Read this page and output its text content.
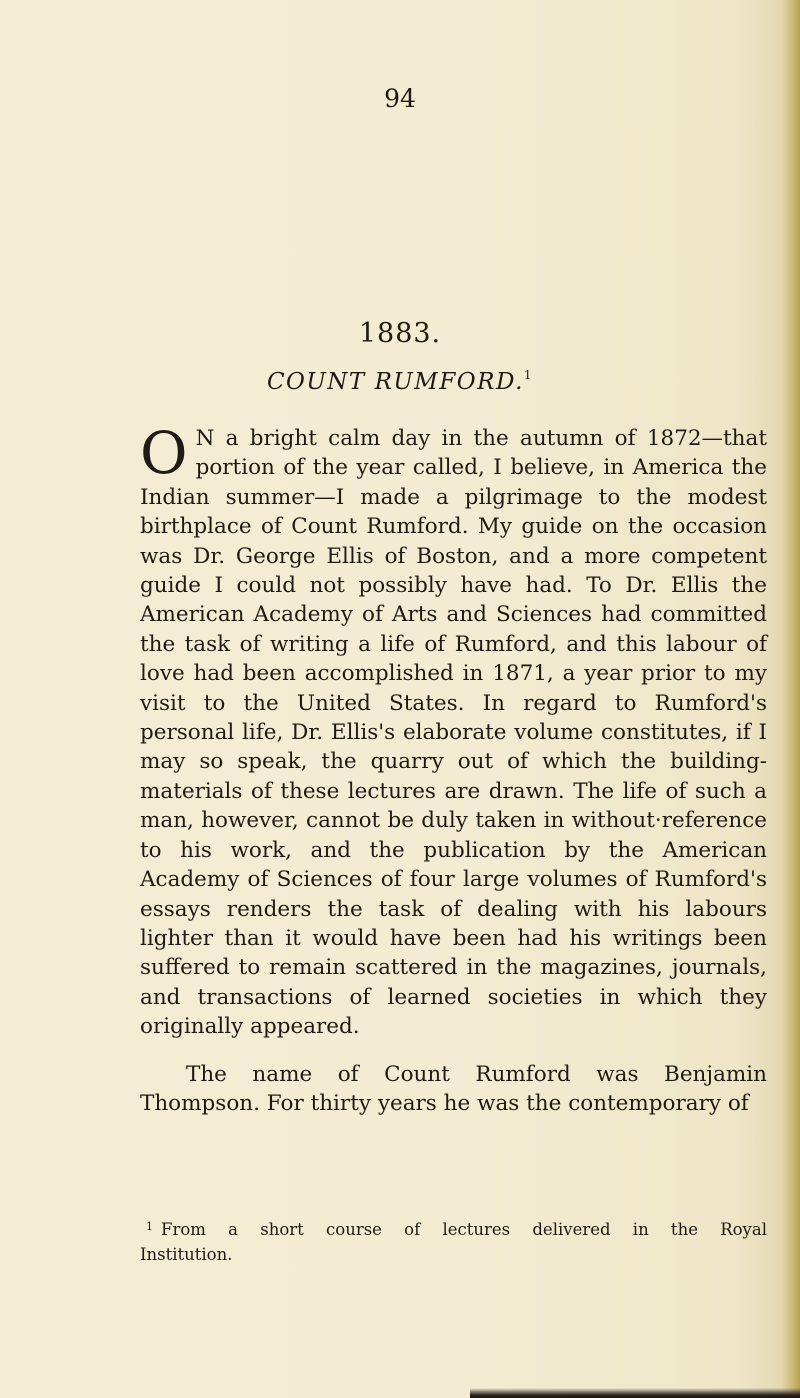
94
1883.
COUNT RUMFORD.$^1$

O N a bright calm day in the autumn of 1872—that portion of the year called, I believe, in America the Indian summer—I made a pilgrimage to the modest birthplace of Count Rumford. My guide on the occasion was Dr. George Ellis of Boston, and a more competent guide I could not possibly have had. To Dr. Ellis the American Academy of Arts and Sciences had committed the task of writing a life of Rumford, and this labour of love had been accomplished in 1871, a year prior to my visit to the United States. In regard to Rumford's personal life, Dr. Ellis's elaborate volume constitutes, if I may so speak, the quarry out of which the building-materials of these lectures are drawn. The life of such a man, however, cannot be duly taken in without·reference to his work, and the publication by the American Academy of Sciences of four large volumes of Rumford's essays renders the task of dealing with his labours lighter than it would have been had his writings been suffered to remain scattered in the magazines, journals, and transactions of learned societies in which they originally appeared.

The name of Count Rumford was Benjamin Thompson. For thirty years he was the contemporary of

$^1$ From a short course of lectures delivered in the Royal
Institution.
